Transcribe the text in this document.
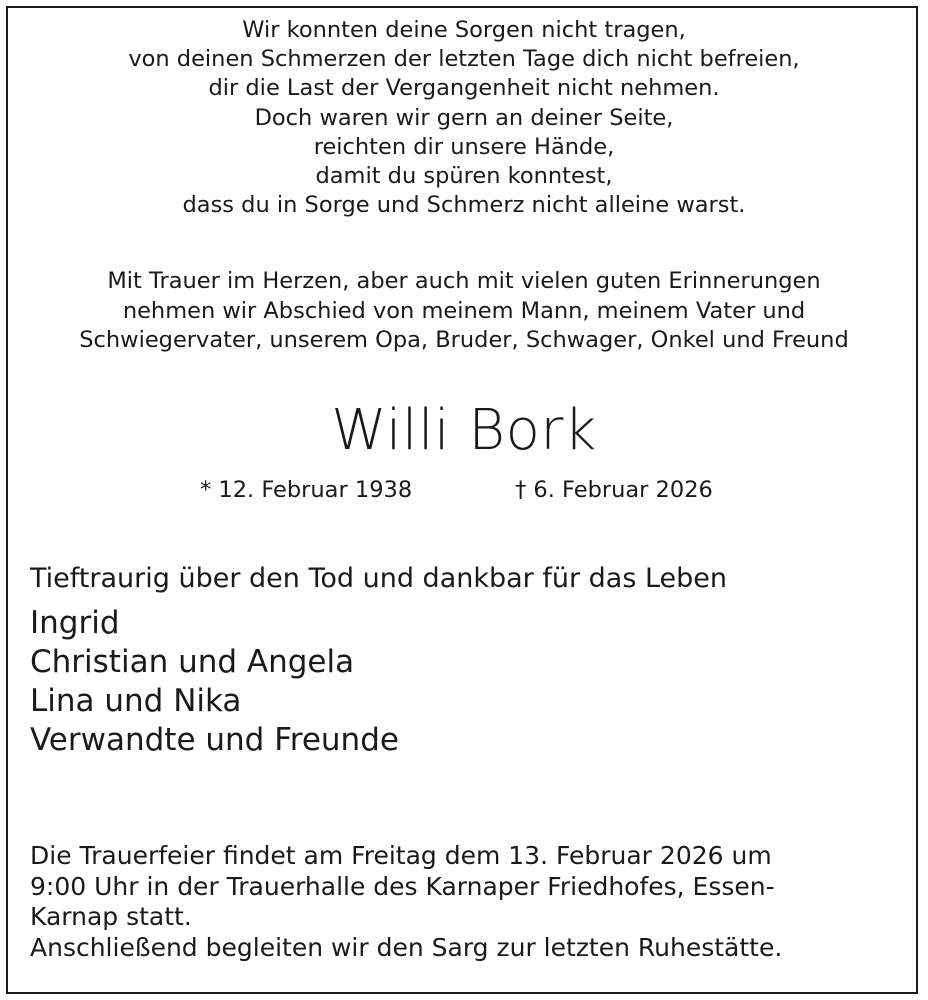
Wir konnten deine Sorgen nicht tragen,
von deinen Schmerzen der letzten Tage dich nicht befreien,
dir die Last der Vergangenheit nicht nehmen.
Doch waren wir gern an deiner Seite,
reichten dir unsere Hände,
damit du spüren konntest,
dass du in Sorge und Schmerz nicht alleine warst.
Mit Trauer im Herzen, aber auch mit vielen guten Erinnerungen
nehmen wir Abschied von meinem Mann, meinem Vater und
Schwiegervater, unserem Opa, Bruder, Schwager, Onkel und Freund
Willi Bork
* 12. Februar 1938	† 6. Februar 2026
Tieftraurig über den Tod und dankbar für das Leben
Ingrid
Christian und Angela
Lina und Nika
Verwandte und Freunde
Die Trauerfeier findet am Freitag dem 13. Februar 2026 um
9:00 Uhr in der Trauerhalle des Karnaper Friedhofes, Essen-
Karnap statt.
Anschließend begleiten wir den Sarg zur letzten Ruhestätte.
